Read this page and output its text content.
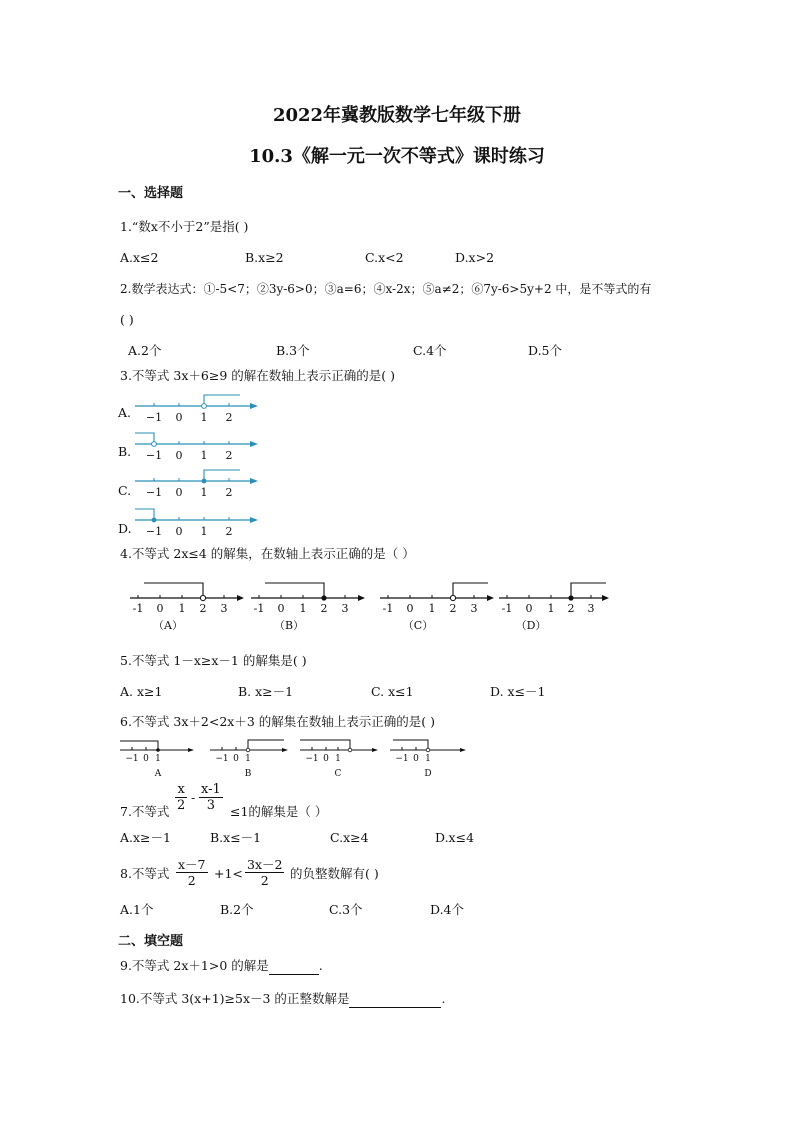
2022年冀教版数学七年级下册
10.3《解一元一次不等式》课时练习
一、选择题
1.“数x不小于2”是指( )
A.x≤2	B.x≥2	C.x<2	D.x>2
2.数学表达式：①-5<7；②3y-6>0；③a=6；④x-2x；⑤a≠2；⑥7y-6>5y+2 中，是不等式的有
( )
A.2个	B.3个	C.4个	D.5个
3.不等式 3x＋6≥9 的解在数轴上表示正确的是( )
A. −1 0 1 2
B. −1 0 1 2
C. −1 0 1 2
D. −1 0 1 2
4.不等式 2x≤4 的解集，在数轴上表示正确的是（ ）
-1 0 1 2 3
（A）
-1 0 1 2 3
（B）
-1 0 1 2 3
（C）
-1 0 1 2 3
（D）
5.不等式 1－x≥x－1 的解集是( )
A. x≥1	B. x≥－1	C. x≤1	D. x≤－1
6.不等式 3x＋2<2x＋3 的解集在数轴上表示正确的是( )
−1 0 1
A
−1 0 1
B
−1 0 1
C
−1 0 1
D
7.不等式 $\frac{x}{2} - \frac{x-1}{3} \le 1$的解集是（ ）
A.x≥－1	B.x≤－1	C.x≥4	D.x≤4
8.不等式 $\frac{x-7}{2} +1< \frac{3x-2}{2}$ 的负整数解有( )
A.1个	B.2个	C.3个	D.4个
二、填空题
9.不等式 2x＋1>0 的解是	.
10.不等式 3(x+1)≥5x－3 的正整数解是	.
